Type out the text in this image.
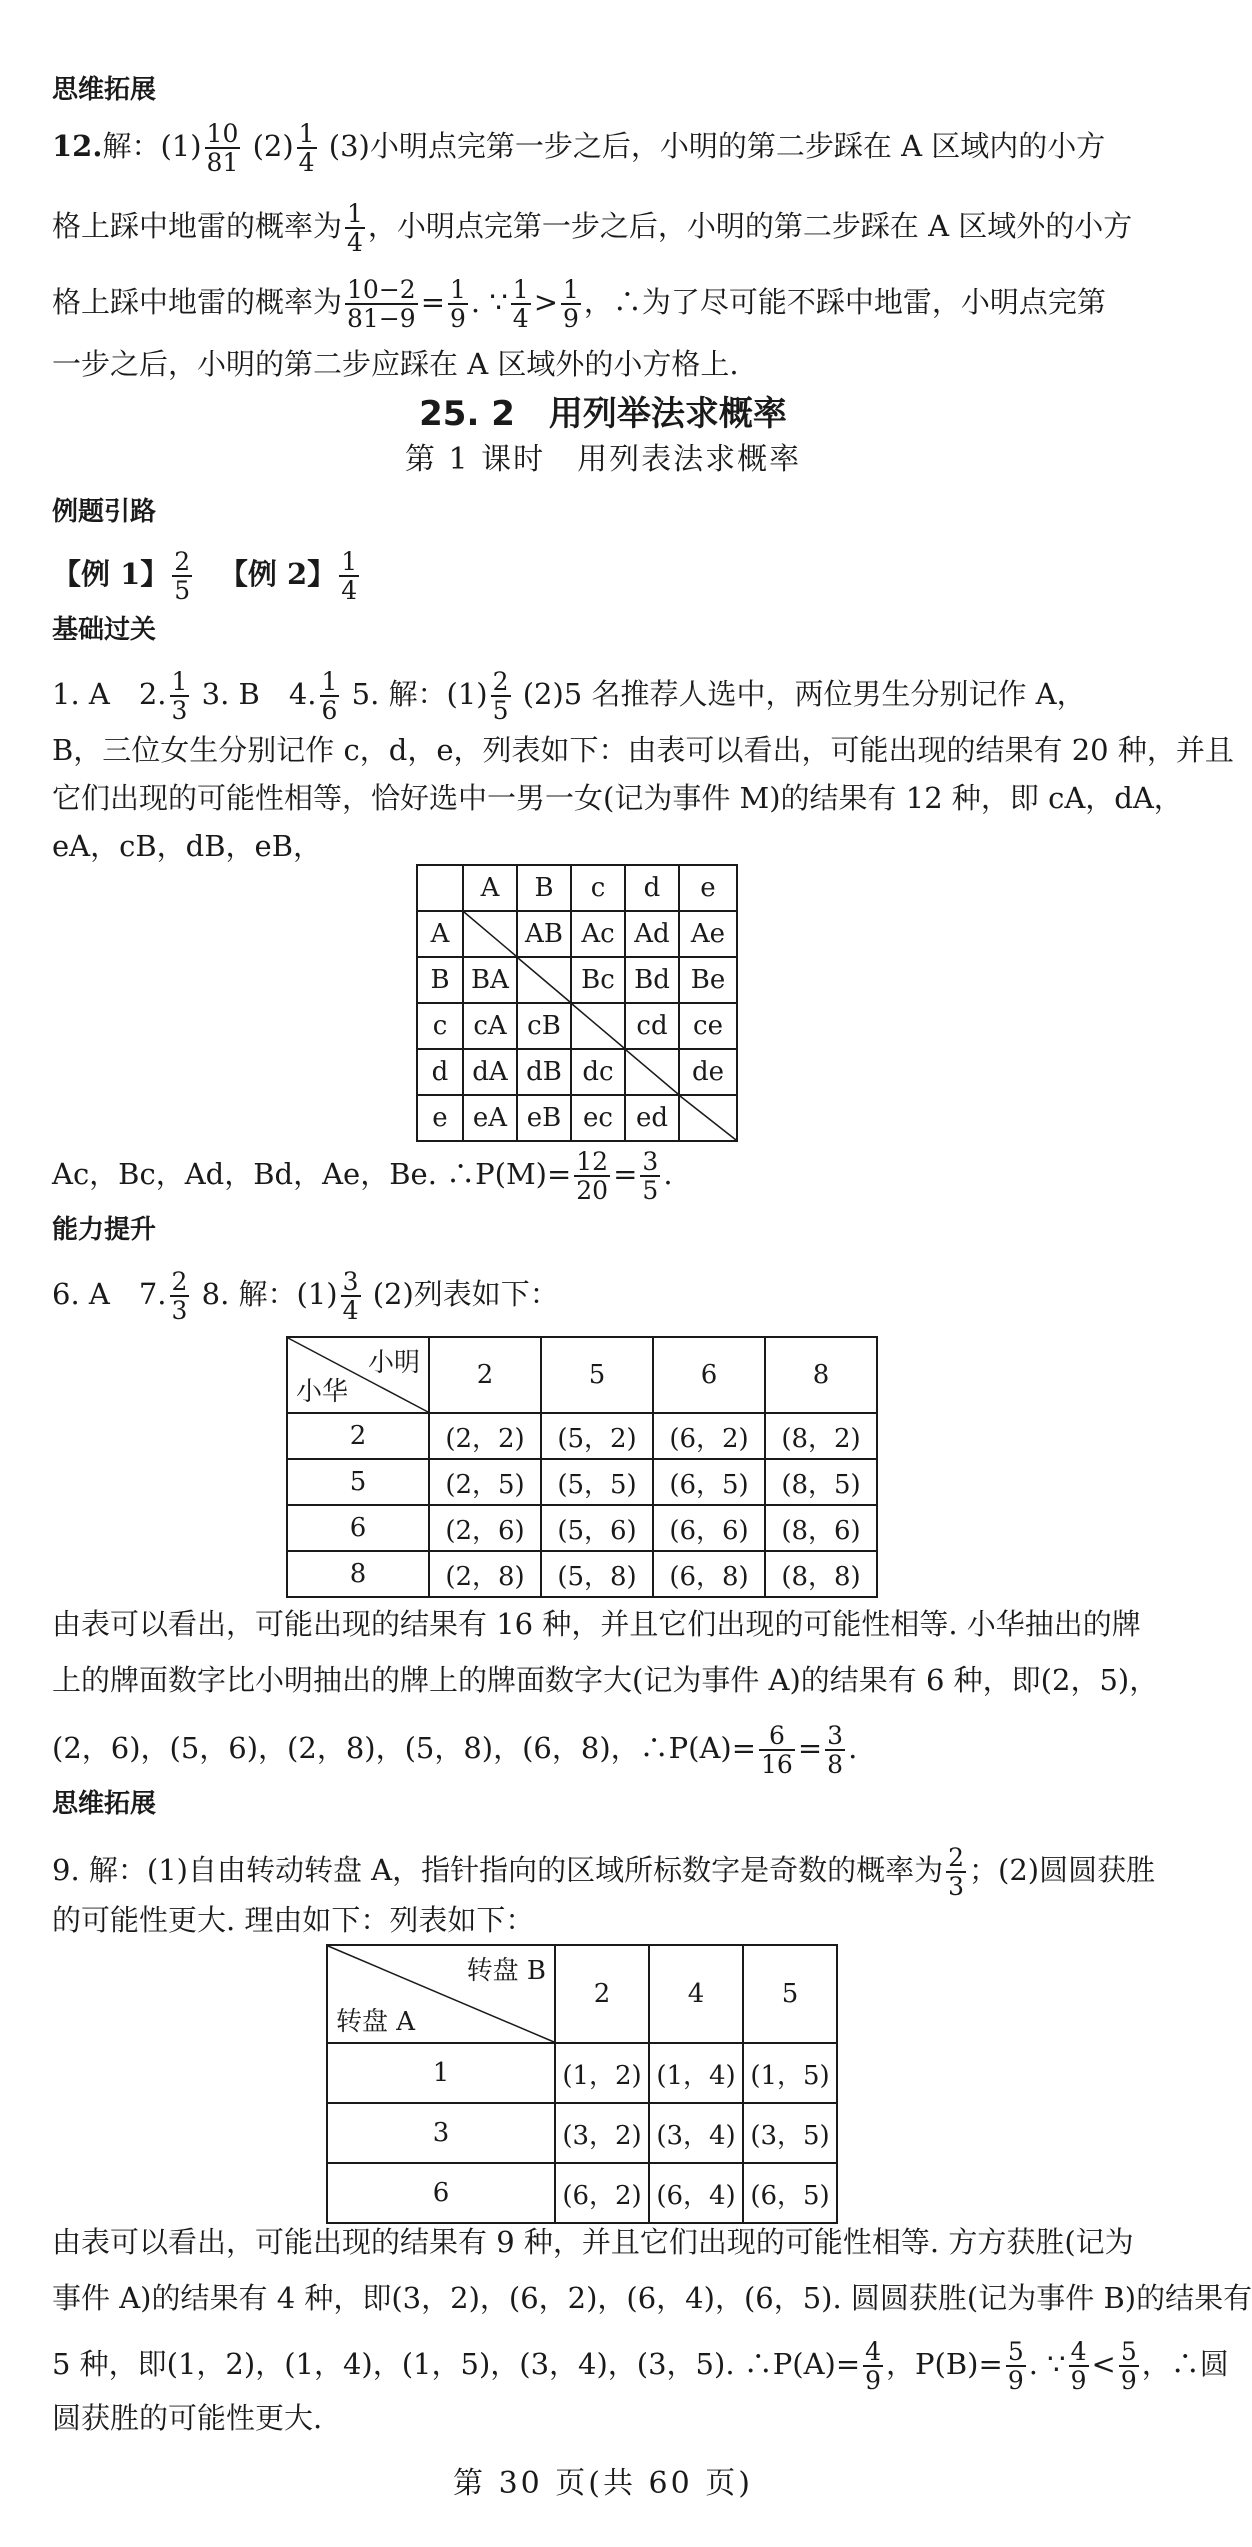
思维拓展
12.解：$(1) \frac{10}{81} (2) \frac{1}{4} (3)$小明点完第一步之后，小明的第二步踩在 A 区域内的小方
格上踩中地雷的概率为 $\frac{1}{4}$ ，小明点完第一步之后，小明的第二步踩在 A 区域外的小方
格上踩中地雷的概率为 $\frac{10-2}{81-9} = \frac{1}{9}$ . ∵ $\frac{1}{4} > \frac{1}{9}$ ，∴为了尽可能不踩中地雷，小明点完第
一步之后，小明的第二步应踩在 A 区域外的小方格上.
25. 2　用列举法求概率
第 1 课时　用列表法求概率
例题引路
【例 1】 $\frac{2}{5}$
　 【例 2】 $\frac{1}{4}$
基础过关
1. A　2. $\frac{1}{3} 3$. B　4. $\frac{1}{6} 5$. 解：$(1) \frac{2}{5} (2)5$ 名推荐人选中，两位男生分别记作 A，
B，三位女生分别记作 c，d，e，列表如下：由表可以看出，可能出现的结果有 20 种，并且
它们出现的可能性相等，恰好选中一男一女(记为事件 M)的结果有 12 种，即 cA，dA，
eA，cB，dB，eB，
	A	B	c	d	e
A		AB	Ac	Ad	Ae
B	BA		Bc	Bd	Be
c	cA	cB		cd	ce
d	dA	dB	dc		de
e	eA	eB	ec	ed	
Ac，Bc，Ad，Bd，Ae，Be. ∴P(M)= $\frac{12}{20} = \frac{3}{5}$ .
能力提升
6. A　7. $\frac{2}{3} 8$. 解：$(1) \frac{3}{4} (2)$列表如下：
小明
小华	2	5	6	8
2	(2，2)	(5，2)	(6，2)	(8，2)
5	(2，5)	(5，5)	(6，5)	(8，5)
6	(2，6)	(5，6)	(6，6)	(8，6)
8	(2，8)	(5，8)	(6，8)	(8，8)
由表可以看出，可能出现的结果有 16 种，并且它们出现的可能性相等. 小华抽出的牌
上的牌面数字比小明抽出的牌上的牌面数字大(记为事件 A)的结果有 6 种，即(2，5)，
(2，6)，(5，6)，(2，8)，(5，8)，(6，8)，∴P(A)= $\frac{6}{16} = \frac{3}{8}$ .
思维拓展
9. 解：(1)自由转动转盘 A，指针指向的区域所标数字是奇数的概率为 $\frac{2}{3}$ ；(2)圆圆获胜
的可能性更大. 理由如下：列表如下：
转盘 B
转盘 A	2	4	5
1	(1，2)	(1，4)	(1，5)
3	(3，2)	(3，4)	(3，5)
6	(6，2)	(6，4)	(6，5)
由表可以看出，可能出现的结果有 9 种，并且它们出现的可能性相等. 方方获胜(记为
事件 A)的结果有 4 种，即(3，2)，(6，2)，(6，4)，(6，5). 圆圆获胜(记为事件 B)的结果有
5 种，即(1，2)，(1，4)，(1，5)，(3，4)，(3，5). ∴P(A)= $\frac{4}{9}$ ，$P(B)= \frac{5}{9}$ . ∵ $\frac{4}{9} < \frac{5}{9}$ ，∴圆
圆获胜的可能性更大.
第 30 页(共 60 页)
